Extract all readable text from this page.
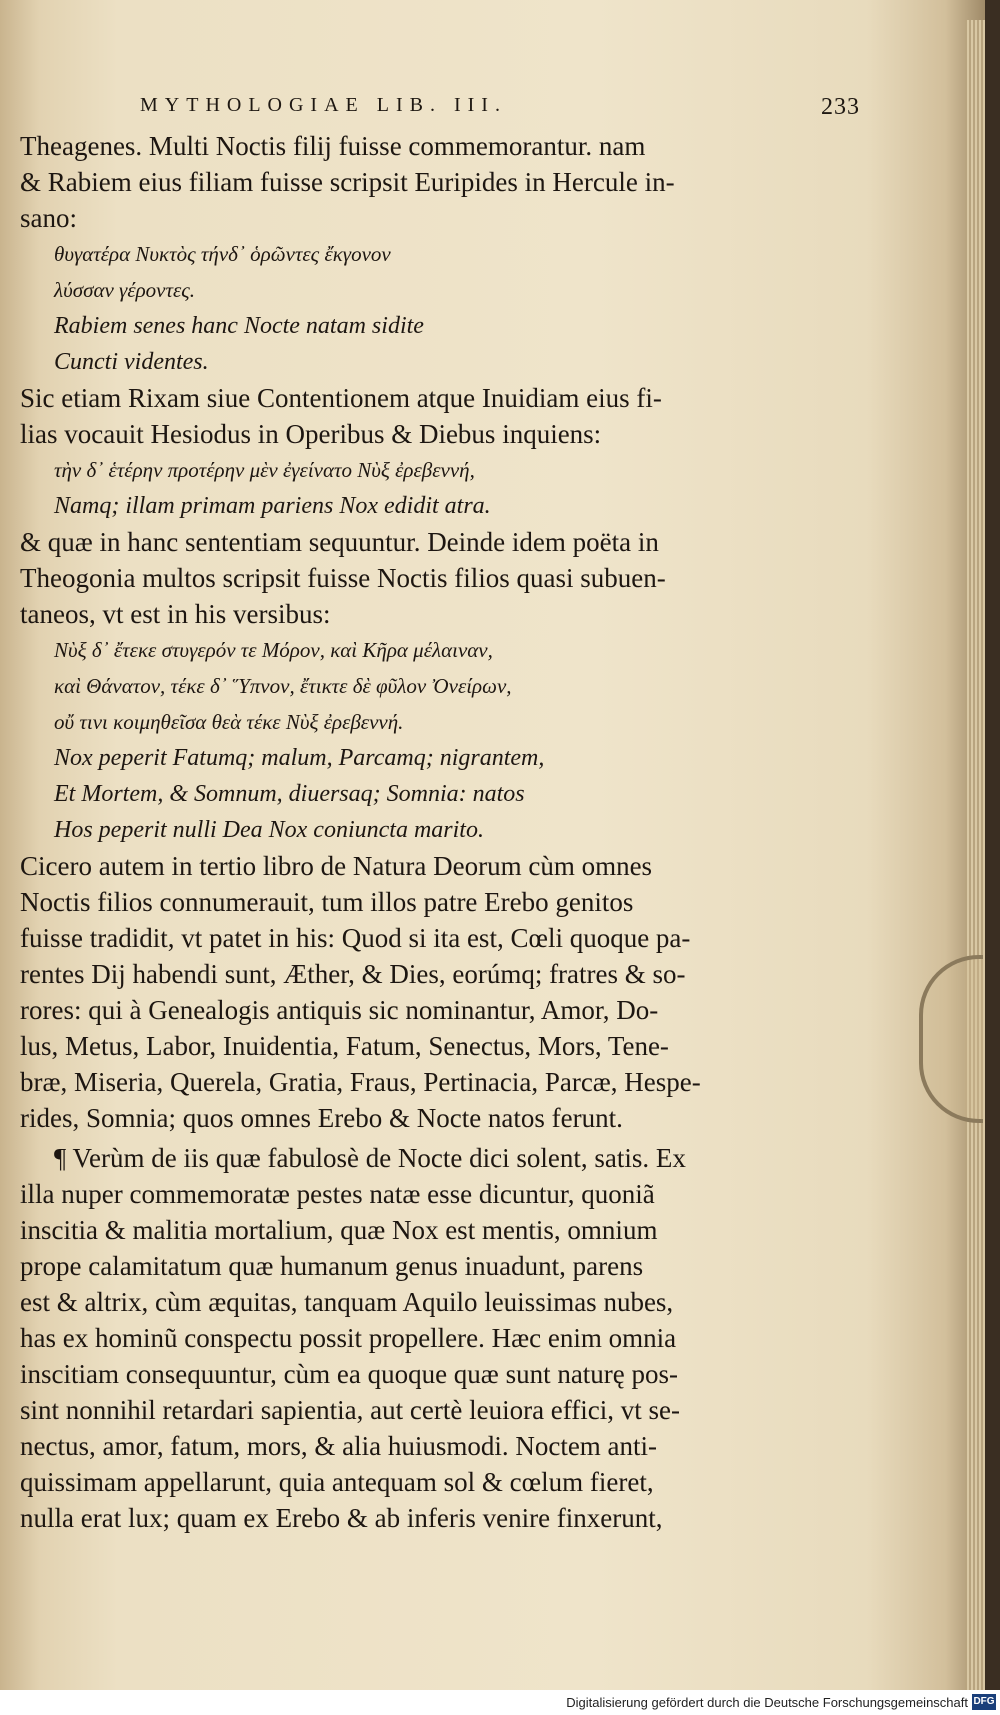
MYTHOLOGIAE LIB. III.	233
Theagenes. Multi Noctis filij fuisse commemorantur. nam
& Rabiem eius filiam fuisse scripsit Euripides in Hercule in-
sano:
θυγατέρα Νυκτὸς τήνδ᾽ ὁρῶντες ἔκγονον
λύσσαν γέροντες.
Rabiem senes hanc Nocte natam sidite
Cuncti videntes.
Sic etiam Rixam siue Contentionem atque Inuidiam eius fi-
lias vocauit Hesiodus in Operibus & Diebus inquiens:
τὴν δ᾽ ἑτέρην προτέρην μὲν ἐγείνατο Νὺξ ἐρεβεννή,
Namq; illam primam pariens Nox edidit atra.
& quæ in hanc sententiam sequuntur. Deinde idem poëta in
Theogonia multos scripsit fuisse Noctis filios quasi subuen-
taneos, vt est in his versibus:
Νὺξ δ᾽ ἔτεκε στυγερόν τε Μόρον, καὶ Κῆρα μέλαιναν,
καὶ Θάνατον, τέκε δ᾽ Ὕπνον, ἔτικτε δὲ φῦλον Ὀνείρων,
οὔ τινι κοιμηθεῖσα θεὰ τέκε Νὺξ ἐρεβεννή.
Nox peperit Fatumq; malum, Parcamq; nigrantem,
Et Mortem, & Somnum, diuersaq; Somnia: natos
Hos peperit nulli Dea Nox coniuncta marito.
Cicero autem in tertio libro de Natura Deorum cùm omnes
Noctis filios connumerauit, tum illos patre Erebo genitos
fuisse tradidit, vt patet in his: Quod si ita est, Cœli quoque pa-
rentes Dij habendi sunt, Æther, & Dies, eorúmq; fratres & so-
rores: qui à Genealogis antiquis sic nominantur, Amor, Do-
lus, Metus, Labor, Inuidentia, Fatum, Senectus, Mors, Tene-
bræ, Miseria, Querela, Gratia, Fraus, Pertinacia, Parcæ, Hespe-
rides, Somnia; quos omnes Erebo & Nocte natos ferunt.
¶ Verùm de iis quæ fabulosè de Nocte dici solent, satis. Ex
illa nuper commemoratæ pestes natæ esse dicuntur, quoniã
inscitia & malitia mortalium, quæ Nox est mentis, omnium
prope calamitatum quæ humanum genus inuadunt, parens
est & altrix, cùm æquitas, tanquam Aquilo leuissimas nubes,
has ex hominũ conspectu possit propellere. Hæc enim omnia
inscitiam consequuntur, cùm ea quoque quæ sunt naturę pos-
sint nonnihil retardari sapientia, aut certè leuiora effici, vt se-
nectus, amor, fatum, mors, & alia huiusmodi. Noctem anti-
quissimam appellarunt, quia antequam sol & cœlum fieret,
nulla erat lux; quam ex Erebo & ab inferis venire finxerunt,
Digitalisierung gefördert durch die Deutsche Forschungsgemeinschaft DFG
